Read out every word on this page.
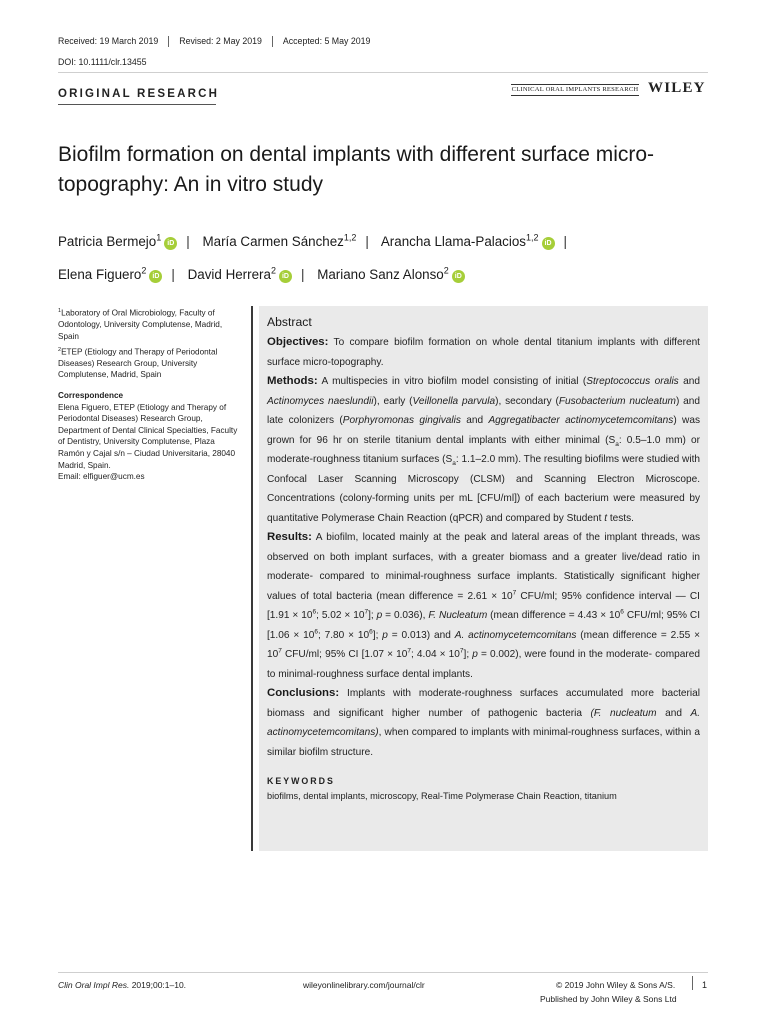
Received: 19 March 2019	Revised: 2 May 2019	Accepted: 5 May 2019
DOI: 10.1111/clr.13455
ORIGINAL RESEARCH	CLINICAL ORAL IMPLANTS RESEARCH WILEY
Biofilm formation on dental implants with different surface micro-topography: An in vitro study
Patricia Bermejo$^1$iD | María Carmen Sánchez$^{1,2}$ | Arancha Llama-Palacios$^{1,2}$iD |
Elena Figuero$^2$iD | David Herrera$^2$iD | Mariano Sanz Alonso$^2$iD
$^1$Laboratory of Oral Microbiology, Faculty of Odontology, University Complutense, Madrid, Spain
$^2$ETEP (Etiology and Therapy of Periodontal Diseases) Research Group, University Complutense, Madrid, Spain
Correspondence
Elena Figuero, ETEP (Etiology and Therapy of Periodontal Diseases) Research Group, Department of Dental Clinical Specialties, Faculty of Dentistry, University Complutense, Plaza Ramón y Cajal s/n – Ciudad Universitaria, 28040 Madrid, Spain.
Email: elfiguer@ucm.es
Abstract

Objectives: To compare biofilm formation on whole dental titanium implants with different surface micro-topography.

Methods: A multispecies in vitro biofilm model consisting of initial (Streptococcus oralis and Actinomyces naeslundii), early (Veillonella parvula), secondary (Fusobacterium nucleatum) and late colonizers (Porphyromonas gingivalis and Aggregatibacter actinomycetemcomitans) was grown for 96 hr on sterile titanium dental implants with either minimal ($S_a$: 0.5–1.0 mm) or moderate-roughness titanium surfaces ($S_a$: 1.1–2.0 mm). The resulting biofilms were studied with Confocal Laser Scanning Microscopy (CLSM) and Scanning Electron Microscope. Concentrations (colony-forming units per mL [CFU/ml]) of each bacterium were measured by quantitative Polymerase Chain Reaction (qPCR) and compared by Student t tests.

Results: A biofilm, located mainly at the peak and lateral areas of the implant threads, was observed on both implant surfaces, with a greater biomass and a greater live/dead ratio in moderate- compared to minimal-roughness surface implants. Statistically significant higher values of total bacteria (mean difference = $2.61 \times 10^7$ CFU/ml; 95% confidence interval — CI [$1.91 \times 10^6$; $5.02 \times 10^7$]; p = 0.036), F. Nucleatum (mean difference = $4.43 \times 10^6$ CFU/ml; 95% CI [$1.06 \times 10^6$; $7.80 \times 10^6$]; p = 0.013) and A. actinomycetemcomitans (mean difference = $2.55 \times 10^7$ CFU/ml; 95% CI [$1.07 \times 10^7$; $4.04 \times 10^7$]; p = 0.002), were found in the moderate- compared to minimal-roughness surface dental implants.

Conclusions: Implants with moderate-roughness surfaces accumulated more bacterial biomass and significant higher number of pathogenic bacteria (F. nucleatum and A. actinomycetemcomitans), when compared to implants with minimal-roughness surfaces, within a similar biofilm structure.

KEYWORDS
biofilms, dental implants, microscopy, Real-Time Polymerase Chain Reaction, titanium
Clin Oral Impl Res. 2019;00:1–10.	wileyonlinelibrary.com/journal/clr	© 2019 John Wiley & Sons A/S.
Published by John Wiley & Sons Ltd
1
